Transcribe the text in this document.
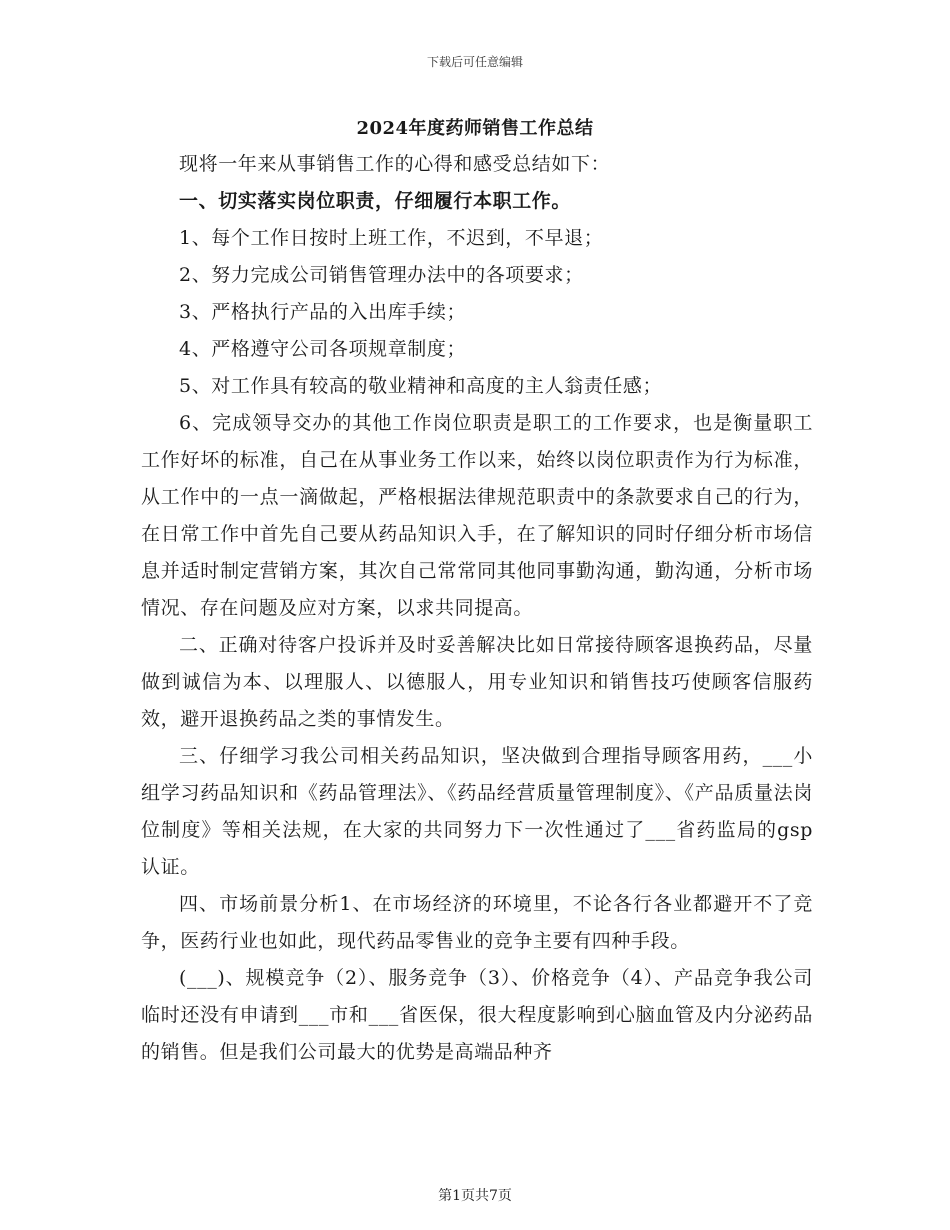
下载后可任意编辑
2024年度药师销售工作总结

现将一年来从事销售工作的心得和感受总结如下：

一、切实落实岗位职责，仔细履行本职工作。

1、每个工作日按时上班工作，不迟到，不早退；

2、努力完成公司销售管理办法中的各项要求；

3、严格执行产品的入出库手续；

4、严格遵守公司各项规章制度；

5、对工作具有较高的敬业精神和高度的主人翁责任感；

6、完成领导交办的其他工作岗位职责是职工的工作要求，也是衡量职工工作好坏的标准，自己在从事业务工作以来，始终以岗位职责作为行为标准，从工作中的一点一滴做起，严格根据法律规范职责中的条款要求自己的行为，在日常工作中首先自己要从药品知识入手，在了解知识的同时仔细分析市场信息并适时制定营销方案，其次自己常常同其他同事勤沟通，勤沟通，分析市场情况、存在问题及应对方案，以求共同提高。

二、正确对待客户投诉并及时妥善解决比如日常接待顾客退换药品，尽量做到诚信为本、以理服人、以德服人，用专业知识和销售技巧使顾客信服药效，避开退换药品之类的事情发生。

三、仔细学习我公司相关药品知识，坚决做到合理指导顾客用药，___小组学习药品知识和《药品管理法》、《药品经营质量管理制度》、《产品质量法岗位制度》等相关法规，在大家的共同努力下一次性通过了___省药监局的gsp认证。

四、市场前景分析1、在市场经济的环境里，不论各行各业都避开不了竞争，医药行业也如此，现代药品零售业的竞争主要有四种手段。

(___)、规模竞争（2）、服务竞争（3）、价格竞争（4）、产品竞争我公司临时还没有申请到___市和___省医保，很大程度影响到心脑血管及内分泌药品的销售。但是我们公司最大的优势是高端品种齐

第1页共7页
